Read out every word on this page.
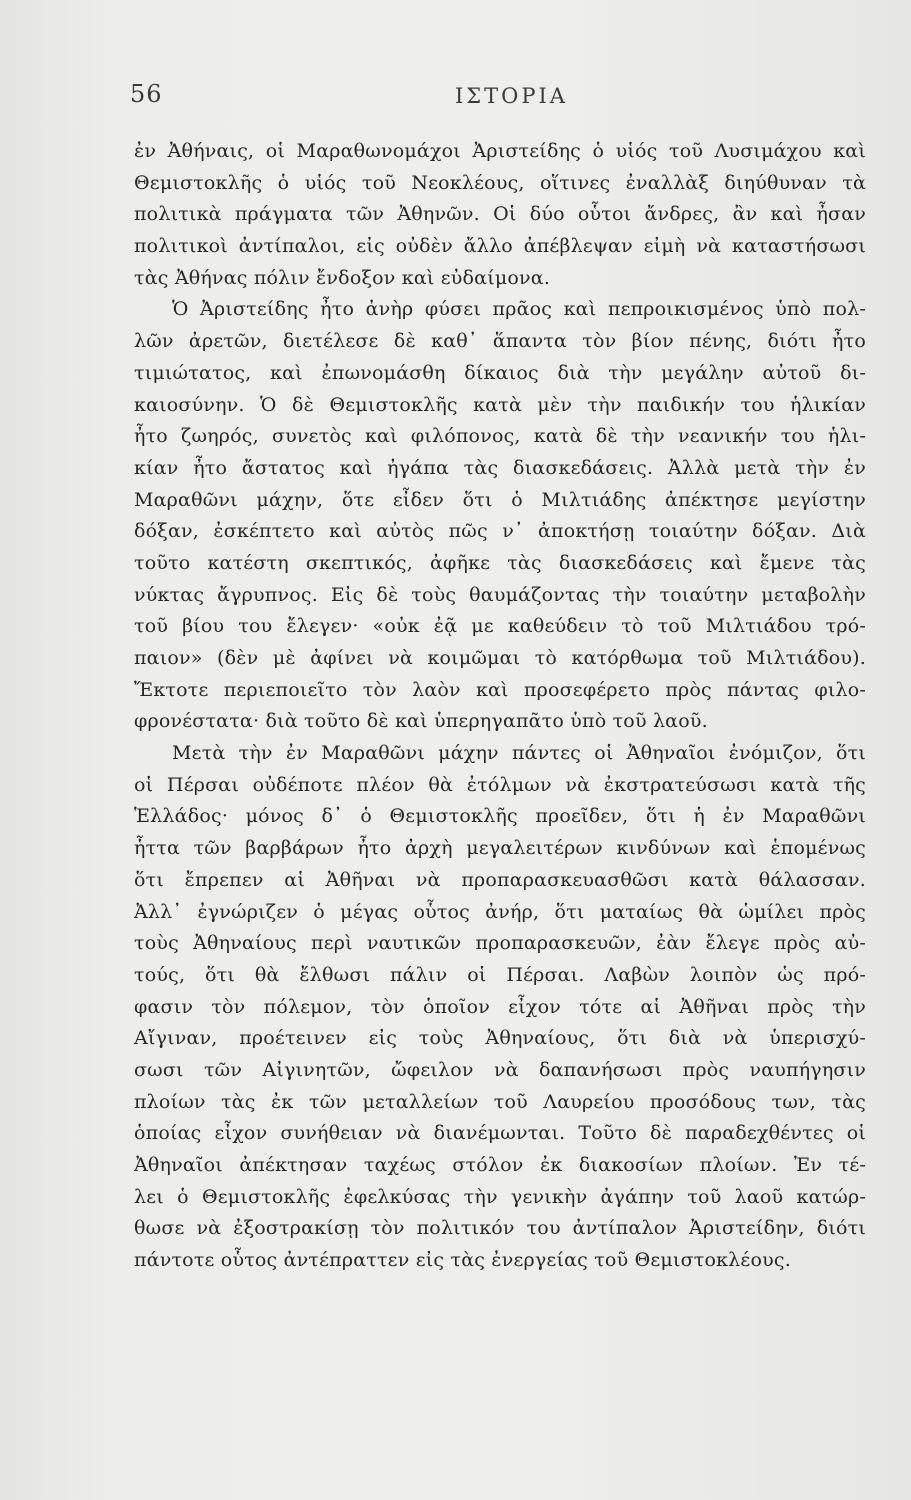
56	ΙΣΤΟΡΙΑ
ἐν Ἀθήναις, οἱ Μαραθωνομάχοι Ἀριστείδης ὁ υἱός τοῦ Λυσιμάχου καὶ
Θεμιστοκλῆς ὁ υἱός τοῦ Νεοκλέους, οἵτινες ἐναλλὰξ διηύθυναν τὰ
πολιτικὰ πράγματα τῶν Ἀθηνῶν. Οἱ δύο οὗτοι ἄνδρες, ἂν καὶ ἦσαν
πολιτικοὶ ἀντίπαλοι, εἰς οὐδὲν ἄλλο ἀπέβλεψαν εἰμὴ νὰ καταστήσωσι
τὰς Ἀθήνας πόλιν ἔνδοξον καὶ εὐδαίμονα.
Ὁ Ἀριστείδης ἦτο ἀνὴρ φύσει πρᾶος καὶ πεπροικισμένος ὑπὸ πολ-
λῶν ἀρετῶν, διετέλεσε δὲ καθ᾽ ἅπαντα τὸν βίον πένης, διότι ἦτο
τιμιώτατος, καὶ ἐπωνομάσθη δίκαιος διὰ τὴν μεγάλην αὐτοῦ δι-
καιοσύνην. Ὁ δὲ Θεμιστοκλῆς κατὰ μὲν τὴν παιδικήν του ἡλικίαν
ἦτο ζωηρός, συνετὸς καὶ φιλόπονος, κατὰ δὲ τὴν νεανικήν του ἡλι-
κίαν ἦτο ἄστατος καὶ ἠγάπα τὰς διασκεδάσεις. Ἀλλὰ μετὰ τὴν ἐν
Μαραθῶνι μάχην, ὅτε εἶδεν ὅτι ὁ Μιλτιάδης ἀπέκτησε μεγίστην
δόξαν, ἐσκέπτετο καὶ αὐτὸς πῶς ν᾽ ἀποκτήσῃ τοιαύτην δόξαν. Διὰ
τοῦτο κατέστη σκεπτικός, ἀφῆκε τὰς διασκεδάσεις καὶ ἔμενε τὰς
νύκτας ἄγρυπνος. Εἰς δὲ τοὺς θαυμάζοντας τὴν τοιαύτην μεταβολὴν
τοῦ βίου του ἔλεγεν· «οὐκ ἐᾷ με καθεύδειν τὸ τοῦ Μιλτιάδου τρό-
παιον» (δὲν μὲ ἀφίνει νὰ κοιμῶμαι τὸ κατόρθωμα τοῦ Μιλτιάδου).
Ἔκτοτε περιεποιεῖτο τὸν λαὸν καὶ προσεφέρετο πρὸς πάντας φιλο-
φρονέστατα· διὰ τοῦτο δὲ καὶ ὑπερηγαπᾶτο ὑπὸ τοῦ λαοῦ.
Μετὰ τὴν ἐν Μαραθῶνι μάχην πάντες οἱ Ἀθηναῖοι ἐνόμιζον, ὅτι
οἱ Πέρσαι οὐδέποτε πλέον θὰ ἐτόλμων νὰ ἐκστρατεύσωσι κατὰ τῆς
Ἑλλάδος· μόνος δ᾽ ὁ Θεμιστοκλῆς προεῖδεν, ὅτι ἡ ἐν Μαραθῶνι
ἧττα τῶν βαρβάρων ἦτο ἀρχὴ μεγαλειτέρων κινδύνων καὶ ἑπομένως
ὅτι ἔπρεπεν αἱ Ἀθῆναι νὰ προπαρασκευασθῶσι κατὰ θάλασσαν.
Ἀλλ᾽ ἐγνώριζεν ὁ μέγας οὗτος ἀνήρ, ὅτι ματαίως θὰ ὡμίλει πρὸς
τοὺς Ἀθηναίους περὶ ναυτικῶν προπαρασκευῶν, ἐὰν ἔλεγε πρὸς αὐ-
τούς, ὅτι θὰ ἔλθωσι πάλιν οἱ Πέρσαι. Λαβὼν λοιπὸν ὡς πρό-
φασιν τὸν πόλεμον, τὸν ὁποῖον εἶχον τότε αἱ Ἀθῆναι πρὸς τὴν
Αἴγιναν, προέτεινεν εἰς τοὺς Ἀθηναίους, ὅτι διὰ νὰ ὑπερισχύ-
σωσι τῶν Αἰγινητῶν, ὤφειλον νὰ δαπανήσωσι πρὸς ναυπήγησιν
πλοίων τὰς ἐκ τῶν μεταλλείων τοῦ Λαυρείου προσόδους των, τὰς
ὁποίας εἶχον συνήθειαν νὰ διανέμωνται. Τοῦτο δὲ παραδεχθέντες οἱ
Ἀθηναῖοι ἀπέκτησαν ταχέως στόλον ἐκ διακοσίων πλοίων. Ἐν τέ-
λει ὁ Θεμιστοκλῆς ἐφελκύσας τὴν γενικὴν ἀγάπην τοῦ λαοῦ κατώρ-
θωσε νὰ ἐξοστρακίσῃ τὸν πολιτικόν του ἀντίπαλον Ἀριστείδην, διότι
πάντοτε οὗτος ἀντέπραττεν εἰς τὰς ἐνεργείας τοῦ Θεμιστοκλέους.
